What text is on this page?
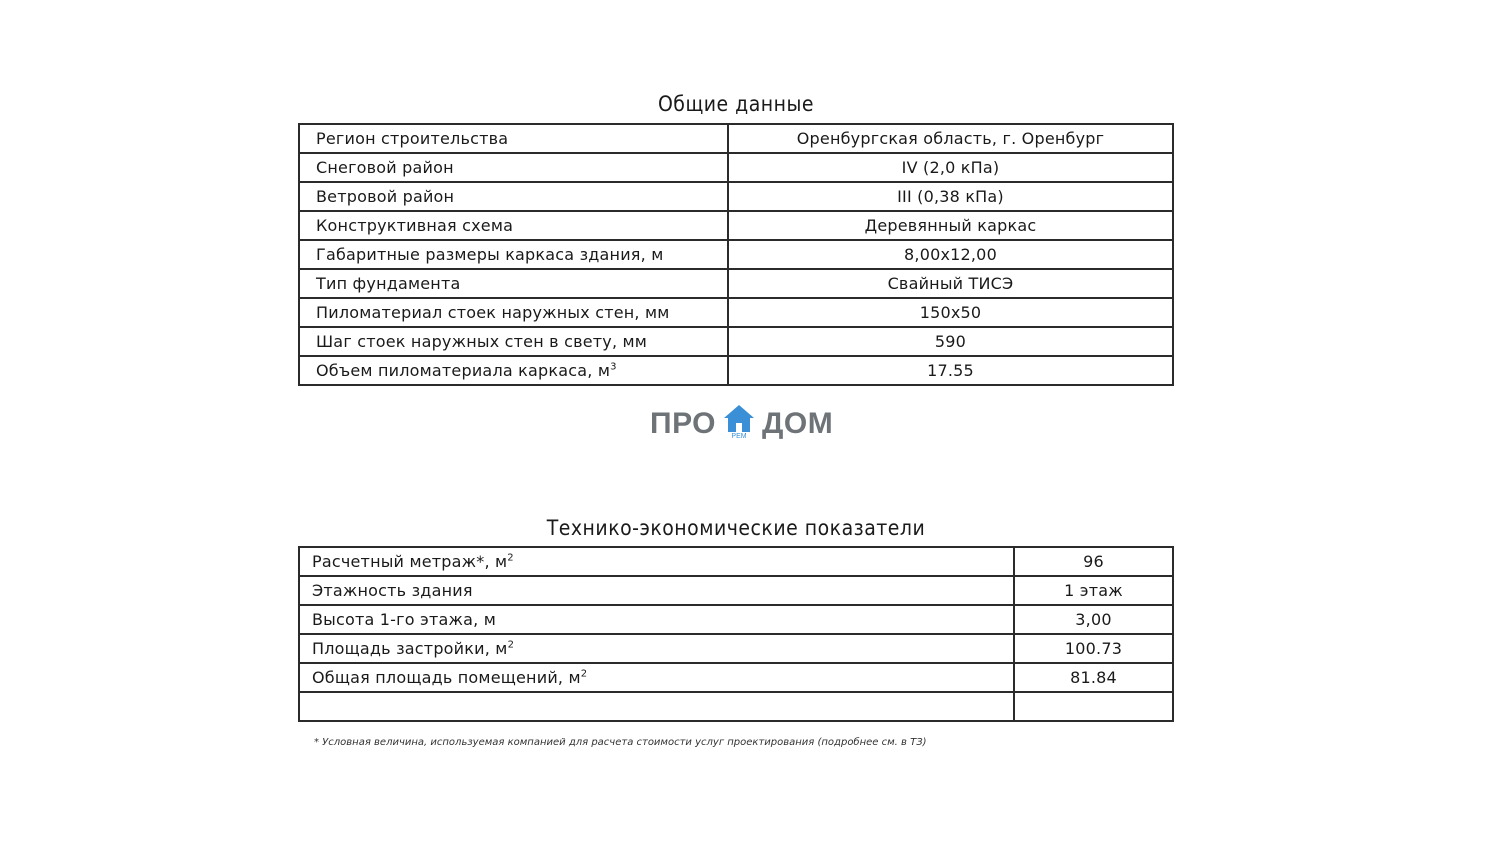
Общие данные
Регион строительства	Оренбургская область, г. Оренбург
Снеговой район	IV (2,0 кПа)
Ветровой район	III (0,38 кПа)
Конструктивная схема	Деревянный каркас
Габаритные размеры каркаса здания, м	8,00х12,00
Тип фундамента	Свайный ТИСЭ
Пиломатериал стоек наружных стен, мм	150х50
Шаг стоек наружных стен в свету, мм	590
Объем пиломатериала каркаса, $м^3$	17.55
ПРО	РЕМ ДОМ
Технико-экономические показатели
Расчетный метраж*, $м^2$	96
Этажность здания	1 этаж
Высота 1-го этажа, м	3,00
Площадь застройки, $м^2$	100.73
Общая площадь помещений, $м^2$	81.84

* Условная величина, используемая компанией для расчета стоимости услуг проектирования (подробнее см. в ТЗ)
